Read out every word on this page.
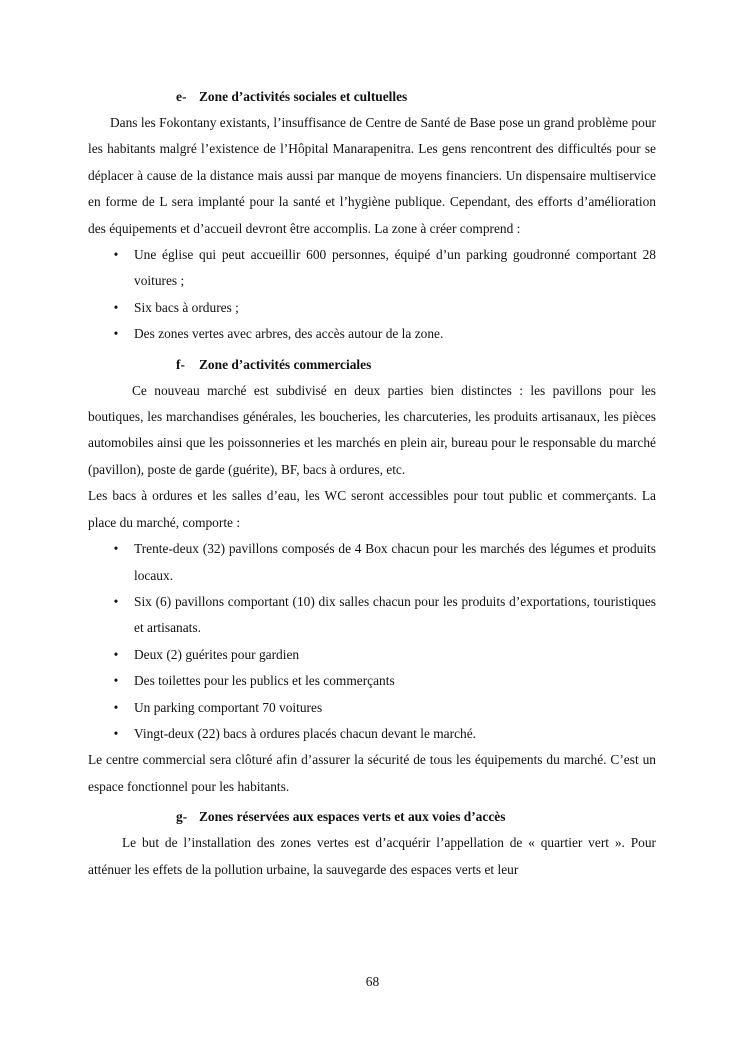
e- Zone d’activités sociales et cultuelles

Dans les Fokontany existants, l’insuffisance de Centre de Santé de Base pose un grand problème pour les habitants malgré l’existence de l’Hôpital Manarapenitra. Les gens rencontrent des difficultés pour se déplacer à cause de la distance mais aussi par manque de moyens financiers. Un dispensaire multiservice en forme de L sera implanté pour la santé et l’hygiène publique. Cependant, des efforts d’amélioration des équipements et d’accueil devront être accomplis. La zone à créer comprend :

• Une église qui peut accueillir 600 personnes, équipé d’un parking goudronné comportant 28 voitures ;
• Six bacs à ordures ;
• Des zones vertes avec arbres, des accès autour de la zone.

f- Zone d’activités commerciales

Ce nouveau marché est subdivisé en deux parties bien distinctes : les pavillons pour les boutiques, les marchandises générales, les boucheries, les charcuteries, les produits artisanaux, les pièces automobiles ainsi que les poissonneries et les marchés en plein air, bureau pour le responsable du marché (pavillon), poste de garde (guérite), BF, bacs à ordures, etc.

Les bacs à ordures et les salles d’eau, les WC seront accessibles pour tout public et commerçants. La place du marché, comporte :

• Trente-deux (32) pavillons composés de 4 Box chacun pour les marchés des légumes et produits locaux.
• Six (6) pavillons comportant (10) dix salles chacun pour les produits d’exportations, touristiques et artisanats.
• Deux (2) guérites pour gardien
• Des toilettes pour les publics et les commerçants
• Un parking comportant 70 voitures
• Vingt-deux (22) bacs à ordures placés chacun devant le marché.

Le centre commercial sera clôturé afin d’assurer la sécurité de tous les équipements du marché. C’est un espace fonctionnel pour les habitants.

g- Zones réservées aux espaces verts et aux voies d’accès

Le but de l’installation des zones vertes est d’acquérir l’appellation de « quartier vert ». Pour atténuer les effets de la pollution urbaine, la sauvegarde des espaces verts et leur

68
